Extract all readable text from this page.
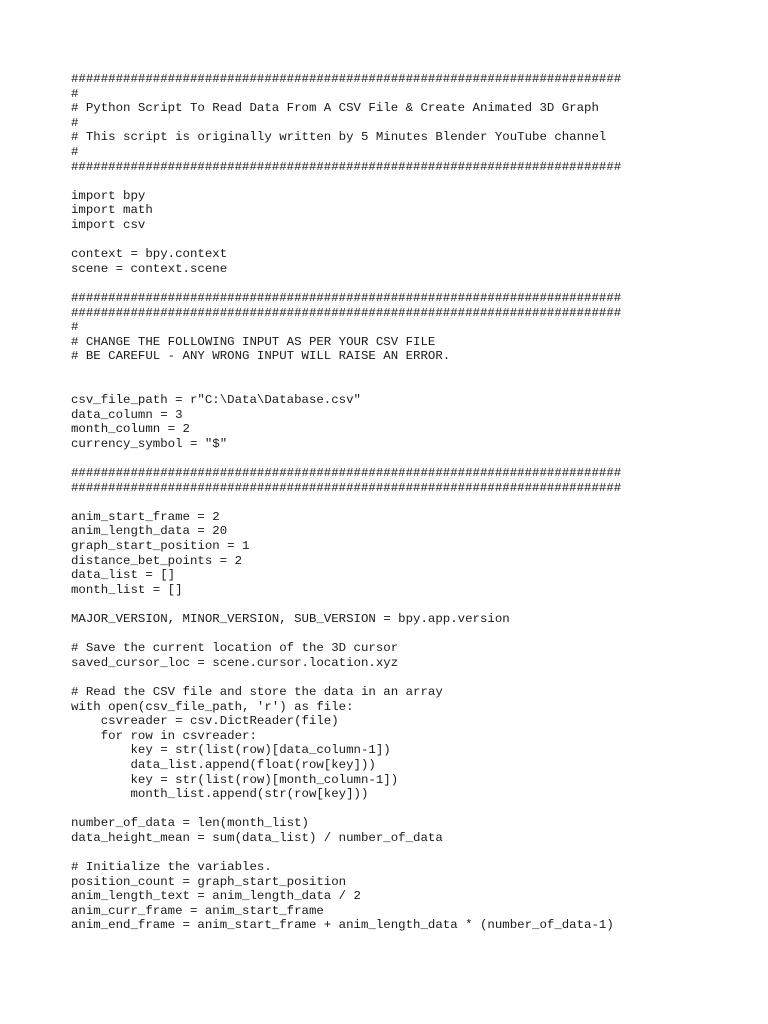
##########################################################################
#
# Python Script To Read Data From A CSV File & Create Animated 3D Graph
#
# This script is originally written by 5 Minutes Blender YouTube channel
#
##########################################################################
import bpy
import math
import csv
context = bpy.context
scene = context.scene
##########################################################################
##########################################################################
#
# CHANGE THE FOLLOWING INPUT AS PER YOUR CSV FILE
# BE CAREFUL - ANY WRONG INPUT WILL RAISE AN ERROR.
csv_file_path = r"C:\Data\Database.csv"
data_column = 3
month_column = 2
currency_symbol = "$"
##########################################################################
##########################################################################
anim_start_frame = 2
anim_length_data = 20
graph_start_position = 1
distance_bet_points = 2
data_list = []
month_list = []
MAJOR_VERSION, MINOR_VERSION, SUB_VERSION = bpy.app.version
# Save the current location of the 3D cursor
saved_cursor_loc = scene.cursor.location.xyz
# Read the CSV file and store the data in an array
with open(csv_file_path, 'r') as file:
csvreader = csv.DictReader(file)
for row in csvreader:
key = str(list(row)[data_column-1])
data_list.append(float(row[key]))
key = str(list(row)[month_column-1])
month_list.append(str(row[key]))
number_of_data = len(month_list)
data_height_mean = sum(data_list) / number_of_data
# Initialize the variables.
position_count = graph_start_position
anim_length_text = anim_length_data / 2
anim_curr_frame = anim_start_frame
anim_end_frame = anim_start_frame + anim_length_data * (number_of_data-1)
